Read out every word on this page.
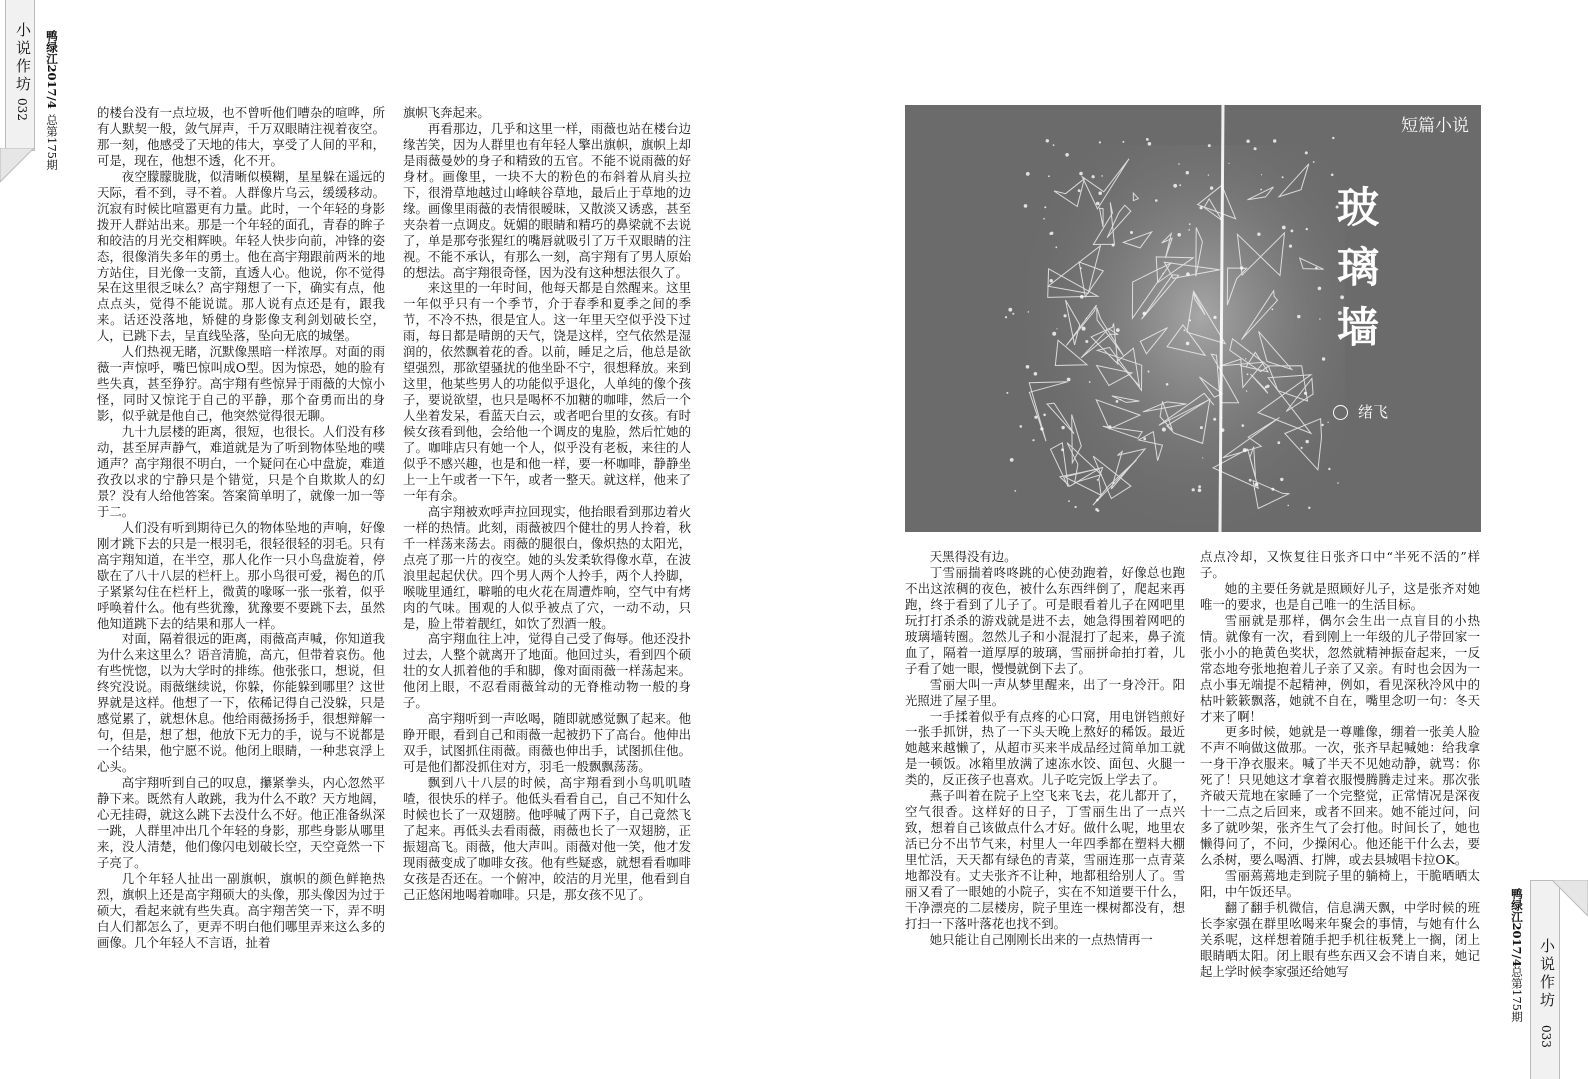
小说作坊
032
鸭绿江2017/4
总第175期
小说作坊
033
鸭绿江2017/4
总第175期

的楼台没有一点垃圾，也不曾听他们嘈杂的喧哗，所有人默契一般，敛气屏声，千万双眼睛注视着夜空。那一刻，他感受了天地的伟大，享受了人间的平和，可是，现在，他想不透，化不开。

夜空朦朦胧胧，似清晰似模糊，星星躲在遥远的天际，看不到，寻不着。人群像片乌云，缓缓移动。沉寂有时候比喧嚣更有力量。此时，一个年轻的身影拨开人群站出来。那是一个年轻的面孔，青春的眸子和皎洁的月光交相辉映。年轻人快步向前，冲锋的姿态，很像消失多年的勇士。他在高宇翔跟前两米的地方站住，目光像一支箭，直透人心。他说，你不觉得呆在这里很乏味么？高宇翔想了一下，确实有点，他点点头，觉得不能说谎。那人说有点还是有，跟我来。话还没落地，矫健的身影像支利剑划破长空，人，已跳下去，呈直线坠落，坠向无底的城堡。

人们热视无睹，沉默像黑暗一样浓厚。对面的雨薇一声惊呼，嘴巴惊叫成O型。因为惊恐，她的脸有些失真，甚至狰狞。高宇翔有些惊异于雨薇的大惊小怪，同时又惊诧于自己的平静，那个奋勇而出的身影，似乎就是他自己，他突然觉得很无聊。

九十九层楼的距离，很短，也很长。人们没有移动，甚至屏声静气，难道就是为了听到物体坠地的噗通声？高宇翔很不明白，一个疑问在心中盘旋，难道孜孜以求的宁静只是个错觉，只是个自欺欺人的幻景？没有人给他答案。答案简单明了，就像一加一等于二。

人们没有听到期待已久的物体坠地的声响，好像刚才跳下去的只是一根羽毛，很轻很轻的羽毛。只有高宇翔知道，在半空，那人化作一只小鸟盘旋着，停歇在了八十八层的栏杆上。那小鸟很可爱，褐色的爪子紧紧勾住在栏杆上，微黄的喙啄一张一张着，似乎呼唤着什么。他有些犹豫，犹豫要不要跳下去，虽然他知道跳下去的结果和那人一样。

对面，隔着很远的距离，雨薇高声喊，你知道我为什么来这里么？语音清脆，高亢，但带着哀伤。他有些恍惚，以为大学时的排练。他张张口，想说，但终究没说。雨薇继续说，你躲，你能躲到哪里？这世界就是这样。他想了一下，依稀记得自己没躲，只是感觉累了，就想休息。他给雨薇扬扬手，很想辩解一句，但是，想了想，他放下无力的手，说与不说都是一个结果，他宁愿不说。他闭上眼睛，一种悲哀浮上心头。

高宇翔听到自己的叹息，攥紧拳头，内心忽然平静下来。既然有人敢跳，我为什么不敢？天方地阔，心无挂碍，就这么跳下去没什么不好。他正准备纵深一跳，人群里冲出几个年轻的身影，那些身影从哪里来，没人清楚，他们像闪电划破长空，天空竟然一下子亮了。

几个年轻人扯出一副旗帜，旗帜的颜色鲜艳热烈，旗帜上还是高宇翔硕大的头像，那头像因为过于硕大，看起来就有些失真。高宇翔苦笑一下，弄不明白人们都怎么了，更弄不明白他们哪里弄来这么多的画像。几个年轻人不言语，扯着

旗帜飞奔起来。

再看那边，几乎和这里一样，雨薇也站在楼台边缘苦笑，因为人群里也有年轻人擎出旗帜，旗帜上却是雨薇曼妙的身子和精致的五官。不能不说雨薇的好身材。画像里，一块不大的粉色的布斜着从肩头拉下，很滑草地越过山峰峡谷草地，最后止于草地的边缘。画像里雨薇的表情很暧昧，又散淡又诱惑，甚至夹杂着一点调皮。妩媚的眼睛和精巧的鼻梁就不去说了，单是那夸张猩红的嘴唇就吸引了万千双眼睛的注视。不能不承认，有那么一刻，高宇翔有了男人原始的想法。高宇翔很奇怪，因为没有这种想法很久了。

来这里的一年时间，他每天都是自然醒来。这里一年似乎只有一个季节，介于春季和夏季之间的季节，不冷不热，很是宜人。这一年里天空似乎没下过雨，每日都是晴朗的天气，饶是这样，空气依然是湿润的，依然飘着花的香。以前，睡足之后，他总是欲望强烈，那欲望骚扰的他坐卧不宁，很想释放。来到这里，他某些男人的功能似乎退化，人单纯的像个孩子，要说欲望，也只是喝杯不加糖的咖啡，然后一个人坐着发呆，看蓝天白云，或者吧台里的女孩。有时候女孩看到他，会给他一个调皮的鬼脸，然后忙她的了。咖啡店只有她一个人，似乎没有老板，来往的人似乎不感兴趣，也是和他一样，要一杯咖啡，静静坐上一上午或者一下午，或者一整天。就这样，他来了一年有余。

高宇翔被欢呼声拉回现实，他抬眼看到那边着火一样的热情。此刻，雨薇被四个健壮的男人拎着，秋千一样荡来荡去。雨薇的腿很白，像炽热的太阳光，点亮了那一片的夜空。她的头发柔软得像水草，在波浪里起起伏伏。四个男人两个人拎手，两个人拎脚，喉咙里通红，噼啪的电火花在周遭炸响，空气中有烤肉的气味。围观的人似乎被点了穴，一动不动，只是，脸上带着靓红，如饮了烈酒一般。

高宇翔血往上冲，觉得自己受了侮辱。他还没扑过去，人整个就离开了地面。他回过头，看到四个硕壮的女人抓着他的手和脚，像对面雨薇一样荡起来。他闭上眼，不忍看雨薇耸动的无脊椎动物一般的身子。

高宇翔听到一声吆喝，随即就感觉飘了起来。他睁开眼，看到自己和雨薇一起被扔下了高台。他伸出双手，试图抓住雨薇。雨薇也伸出手，试图抓住他。可是他们都没抓住对方，羽毛一般飘飘荡荡。

飘到八十八层的时候，高宇翔看到小鸟叽叽喳喳，很快乐的样子。他低头看看自己，自己不知什么时候也长了一双翅膀。他呼喊了两下子，自己竟然飞了起来。再低头去看雨薇，雨薇也长了一双翅膀，正振翅高飞。雨薇，他大声叫。雨薇对他一笑，他才发现雨薇变成了咖啡女孩。他有些疑惑，就想看看咖啡女孩是否还在。一个俯冲，皎洁的月光里，他看到自己正悠闲地喝着咖啡。只是，那女孩不见了。

短篇小说
玻
璃
墙
绪飞

天黑得没有边。

丁雪丽揣着咚咚跳的心使劲跑着，好像总也跑不出这浓稠的夜色，被什么东西绊倒了，爬起来再跑，终于看到了儿子了。可是眼看着儿子在网吧里玩打打杀杀的游戏就是进不去，她急得围着网吧的玻璃墙转圈。忽然儿子和小混混打了起来，鼻子流血了，隔着一道厚厚的玻璃，雪丽拼命拍打着，儿子看了她一眼，慢慢就倒下去了。

雪丽大叫一声从梦里醒来，出了一身冷汗。阳光照进了屋子里。

一手揉着似乎有点疼的心口窝，用电饼铛煎好一张手抓饼，热了一下头天晚上熬好的稀饭。最近她越来越懒了，从超市买来半成品经过简单加工就是一顿饭。冰箱里放满了速冻水饺、面包、火腿一类的，反正孩子也喜欢。儿子吃完饭上学去了。

燕子叫着在院子上空飞来飞去，花儿都开了，空气很香。这样好的日子，丁雪丽生出了一点兴致，想着自己该做点什么才好。做什么呢，地里农活已分不出节气来，村里人一年四季都在塑料大棚里忙活，天天都有绿色的青菜，雪丽连那一点青菜地都没有。丈夫张齐不让种，地都租给别人了。雪丽又看了一眼她的小院子，实在不知道要干什么，干净漂亮的二层楼房，院子里连一棵树都没有，想打扫一下落叶落花也找不到。

她只能让自己刚刚长出来的一点热情再一

点点冷却，又恢复往日张齐口中“半死不活的”样子。

她的主要任务就是照顾好儿子，这是张齐对她唯一的要求，也是自己唯一的生活目标。

雪丽就是那样，偶尔会生出一点盲目的小热情。就像有一次，看到刚上一年级的儿子带回家一张小小的艳黄色奖状，忽然就精神振奋起来，一反常态地夸张地抱着儿子亲了又亲。有时也会因为一点小事无端提不起精神，例如，看见深秋冷风中的枯叶簌簌飘落，她就不自在，嘴里念叨一句：冬天才来了啊！

更多时候，她就是一尊雕像，绷着一张美人脸不声不响做这做那。一次，张齐早起喊她：给我拿一身干净衣服来。喊了半天不见她动静，就骂：你死了！只见她这才拿着衣服慢腾腾走过来。那次张齐破天荒地在家睡了一个完整觉，正常情况是深夜十一二点之后回来，或者不回来。她不能过问，问多了就吵架，张齐生气了会打他。时间长了，她也懒得问了，不问，少操闲心。他还能干什么去，要么杀树，要么喝酒、打牌，或去县城唱卡拉OK。

雪丽蔫蔫地走到院子里的躺椅上，干脆晒晒太阳，中午饭还早。

翻了翻手机微信，信息满天飘，中学时候的班长李家强在群里吆喝来年聚会的事情，与她有什么关系呢，这样想着随手把手机往板凳上一搁，闭上眼睛晒太阳。闭上眼有些东西又会不请自来，她记起上学时候李家强还给她写
